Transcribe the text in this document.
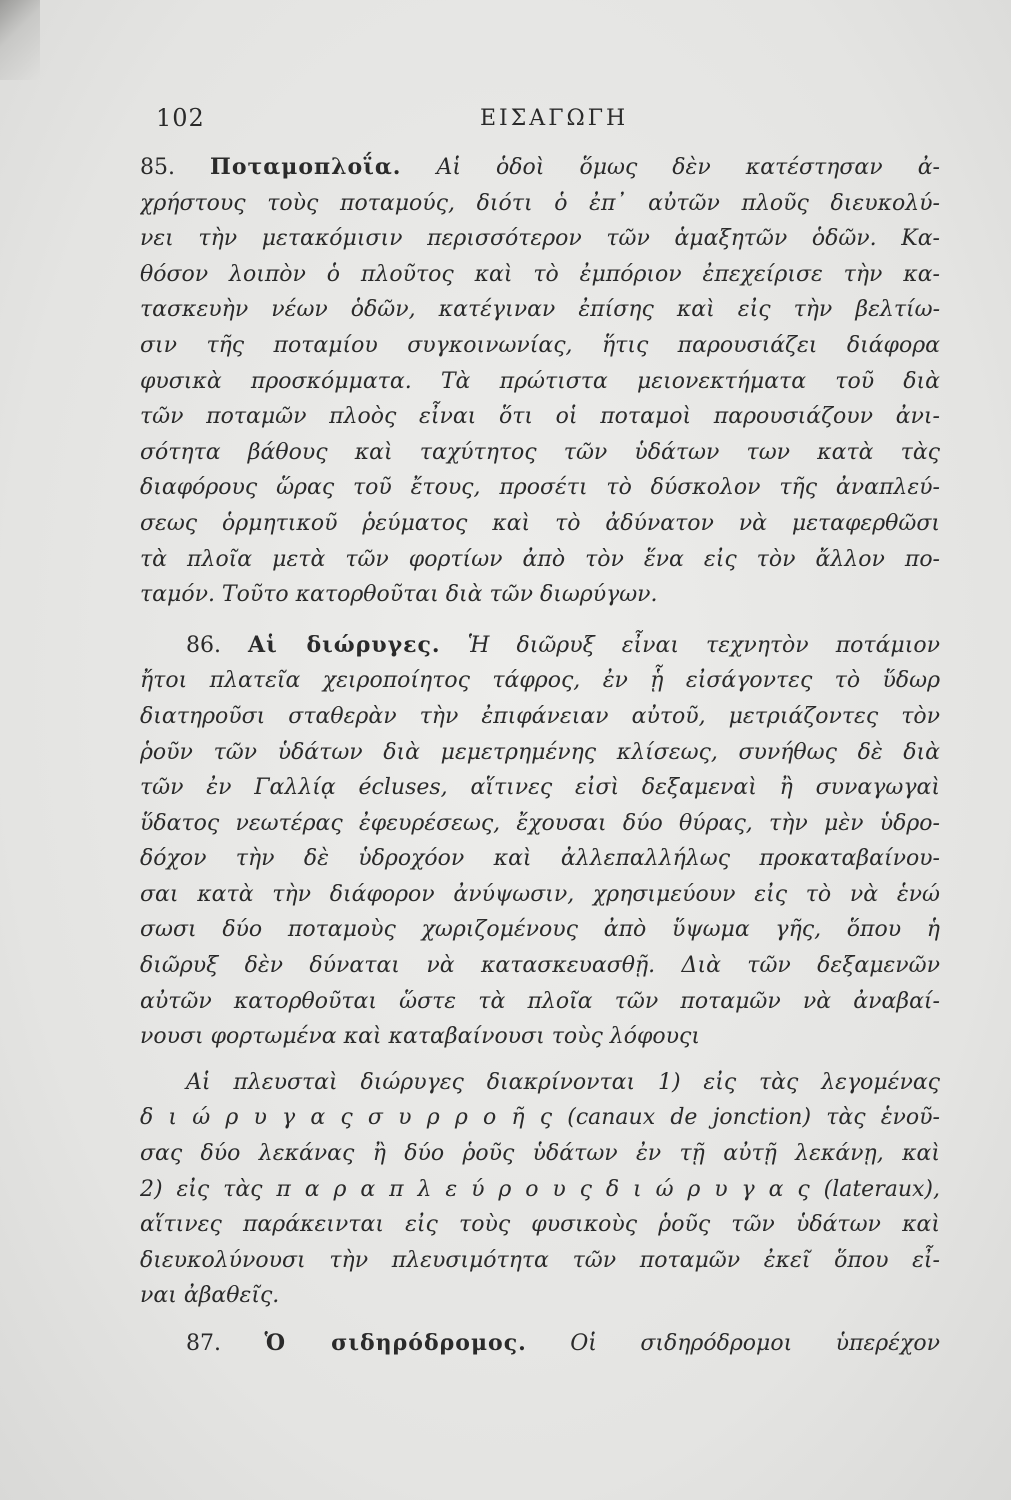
102	ΕΙΣΑΓΩΓΗ
85. Ποταμοπλοΐα. Αἱ ὁδοὶ ὅμως δὲν κατέστησαν ἀ-
χρήστους τοὺς ποταμούς, διότι ὁ ἐπ᾽ αὐτῶν πλοῦς διευκολύ-
νει τὴν μετακόμισιν περισσότερον τῶν ἁμαξητῶν ὁδῶν. Κα-
θόσον λοιπὸν ὁ πλοῦτος καὶ τὸ ἐμπόριον ἐπεχείρισε τὴν κα-
τασκευὴν νέων ὁδῶν, κατέγιναν ἐπίσης καὶ εἰς τὴν βελτίω-
σιν τῆς ποταμίου συγκοινωνίας, ἥτις παρουσιάζει διάφορα
φυσικὰ προσκόμματα. Τὰ πρώτιστα μειονεκτήματα τοῦ διὰ
τῶν ποταμῶν πλοὸς εἶναι ὅτι οἱ ποταμοὶ παρουσιάζουν ἀνι-
σότητα βάθους καὶ ταχύτητος τῶν ὑδάτων των κατὰ τὰς
διαφόρους ὥρας τοῦ ἔτους, προσέτι τὸ δύσκολον τῆς ἀναπλεύ-
σεως ὁρμητικοῦ ῥεύματος καὶ τὸ ἀδύνατον νὰ μεταφερθῶσι
τὰ πλοῖα μετὰ τῶν φορτίων ἀπὸ τὸν ἕνα εἰς τὸν ἄλλον πο-
ταμόν. Τοῦτο κατορθοῦται διὰ τῶν διωρύγων.
86. Αἱ διώρυγες. Ἡ διῶρυξ εἶναι τεχνητὸν ποτάμιον
ἤτοι πλατεῖα χειροποίητος τάφρος, ἐν ᾗ εἰσάγοντες τὸ ὕδωρ
διατηροῦσι σταθερὰν τὴν ἐπιφάνειαν αὐτοῦ, μετριάζοντες τὸν
ῥοῦν τῶν ὑδάτων διὰ μεμετρημένης κλίσεως, συνήθως δὲ διὰ
τῶν ἐν Γαλλίᾳ écluses, αἵτινες εἰσὶ δεξαμεναὶ ἢ συναγωγαὶ
ὕδατος νεωτέρας ἐφευρέσεως, ἔχουσαι δύο θύρας, τὴν μὲν ὑδρο-
δόχον τὴν δὲ ὑδροχόον καὶ ἀλλεπαλλήλως προκαταβαίνου-
σαι κατὰ τὴν διάφορον ἀνύψωσιν, χρησιμεύουν εἰς τὸ νὰ ἑνώ
σωσι δύο ποταμοὺς χωριζομένους ἀπὸ ὕψωμα γῆς, ὅπου ἡ
διῶρυξ δὲν δύναται νὰ κατασκευασθῇ. Διὰ τῶν δεξαμενῶν
αὐτῶν κατορθοῦται ὥστε τὰ πλοῖα τῶν ποταμῶν νὰ ἀναβαί-
νουσι φορτωμένα καὶ καταβαίνουσι τοὺς λόφουςι
Αἱ πλευσταὶ διώρυγες διακρίνονται 1) εἰς τὰς λεγομένας
δ ι ώ ρ υ γ α ς σ υ ρ ρ ο ῆ ς (canaux de jonction) τὰς ἑνοῦ-
σας δύο λεκάνας ἢ δύο ῥοῦς ὑδάτων ἐν τῇ αὐτῇ λεκάνῃ, καὶ
2) εἰς τὰς π α ρ α π λ ε ύ ρ ο υ ς δ ι ώ ρ υ γ α ς (lateraux),
αἵτινες παράκεινται εἰς τοὺς φυσικοὺς ῥοῦς τῶν ὑδάτων καὶ
διευκολύνουσι τὴν πλευσιμότητα τῶν ποταμῶν ἐκεῖ ὅπου εἶ-
ναι ἀβαθεῖς.
87. Ὁ σιδηρόδρομος. Οἱ σιδηρόδρομοι ὑπερέχον
